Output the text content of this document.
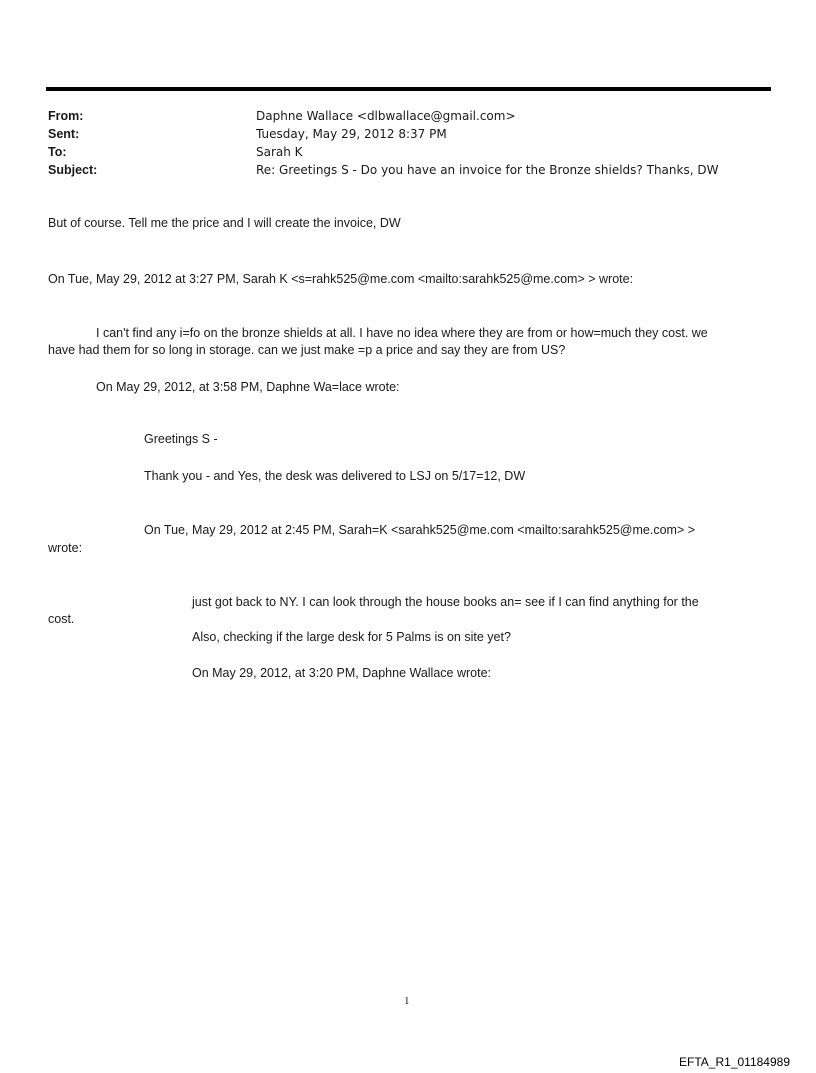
From:	Daphne Wallace <dlbwallace@gmail.com>
Sent:	Tuesday, May 29, 2012 8:37 PM
To:	Sarah K
Subject:	Re: Greetings S - Do you have an invoice for the Bronze shields? Thanks, DW
But of course. Tell me the price and I will create the invoice, DW
On Tue, May 29, 2012 at 3:27 PM, Sarah K <s=rahk525@me.com <mailto:sarahk525@me.com> > wrote:
I can't find any i=fo on the bronze shields at all. I have no idea where they are from or how=much they cost. we
have had them for so long in storage. can we just make =p a price and say they are from US?
On May 29, 2012, at 3:58 PM, Daphne Wa=lace wrote:
Greetings S -
Thank you - and Yes, the desk was delivered to LSJ on 5/17=12, DW
On Tue, May 29, 2012 at 2:45 PM, Sarah=K <sarahk525@me.com <mailto:sarahk525@me.com> >
wrote:
just got back to NY. I can look through the house books an= see if I can find anything for the
cost.
Also, checking if the large desk for 5 Palms is on site yet?
On May 29, 2012, at 3:20 PM, Daphne Wallace wrote:
1
EFTA_R1_01184989
